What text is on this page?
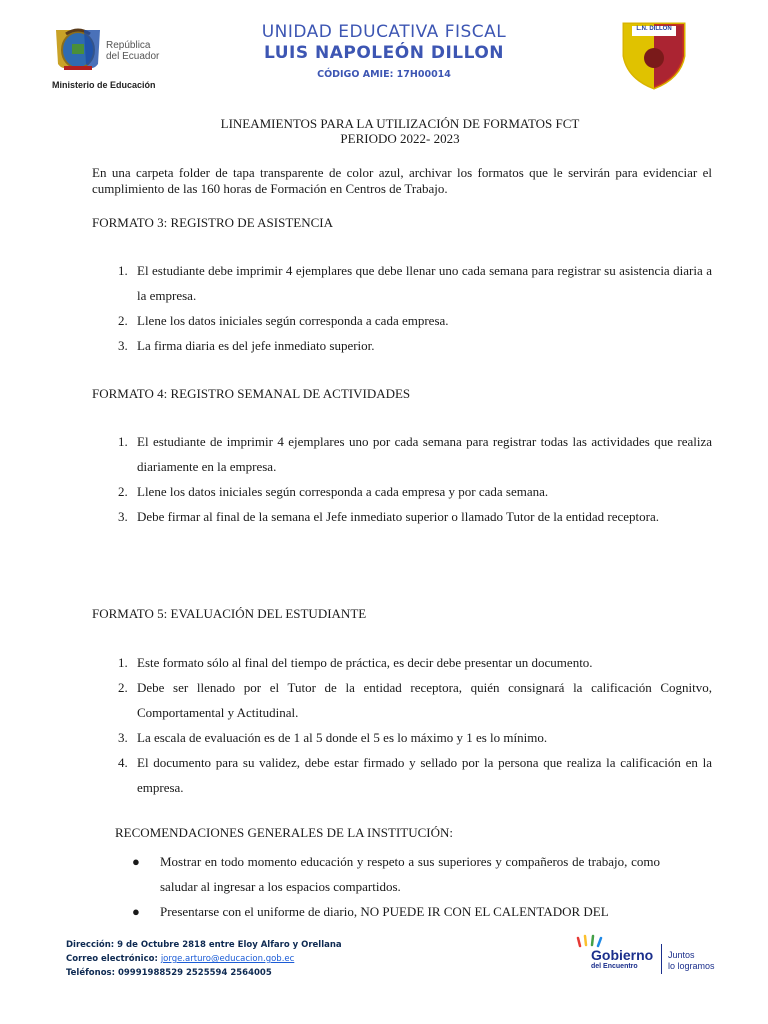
República
del Ecuador
Ministerio de Educación
UNIDAD EDUCATIVA FISCAL
LUIS NAPOLEÓN DILLON
CÓDIGO AMIE: 17H00014
L.N. DILLON
LINEAMIENTOS PARA LA UTILIZACIÓN DE FORMATOS FCT
PERIODO 2022- 2023
En una carpeta folder de tapa transparente de color azul, archivar los formatos que le servirán para evidenciar el cumplimiento de las 160 horas de Formación en Centros de Trabajo.
FORMATO 3: REGISTRO DE ASISTENCIA
1. El estudiante debe imprimir 4 ejemplares que debe llenar uno cada semana para registrar su asistencia diaria a la empresa.
2. Llene los datos iniciales según corresponda a cada empresa.
3. La firma diaria es del jefe inmediato superior.
FORMATO 4: REGISTRO SEMANAL DE ACTIVIDADES
1. El estudiante de imprimir 4 ejemplares uno por cada semana para registrar todas las actividades que realiza diariamente en la empresa.
2. Llene los datos iniciales según corresponda a cada empresa y por cada semana.
3. Debe firmar al final de la semana el Jefe inmediato superior o llamado Tutor de la entidad receptora.
FORMATO 5: EVALUACIÓN DEL ESTUDIANTE
1. Este formato sólo al final del tiempo de práctica, es decir debe presentar un documento.
2. Debe ser llenado por el Tutor de la entidad receptora, quién consignará la calificación Cognitvo, Comportamental y Actitudinal.
3. La escala de evaluación es de 1 al 5 donde el 5 es lo máximo y 1 es lo mínimo.
4. El documento para su validez, debe estar firmado y sellado por la persona que realiza la calificación en la empresa.
RECOMENDACIONES GENERALES DE LA INSTITUCIÓN:
● Mostrar en todo momento educación y respeto a sus superiores y compañeros de trabajo, como saludar al ingresar a los espacios compartidos.
● Presentarse con el uniforme de diario, NO PUEDE IR CON EL CALENTADOR DEL
Dirección: 9 de Octubre 2818 entre Eloy Alfaro y Orellana
Correo electrónico: jorge.arturo@educacion.gob.ec
Teléfonos: 09991988529 2525594 2564005
Gobierno
del Encuentro
Juntos
lo logramos
